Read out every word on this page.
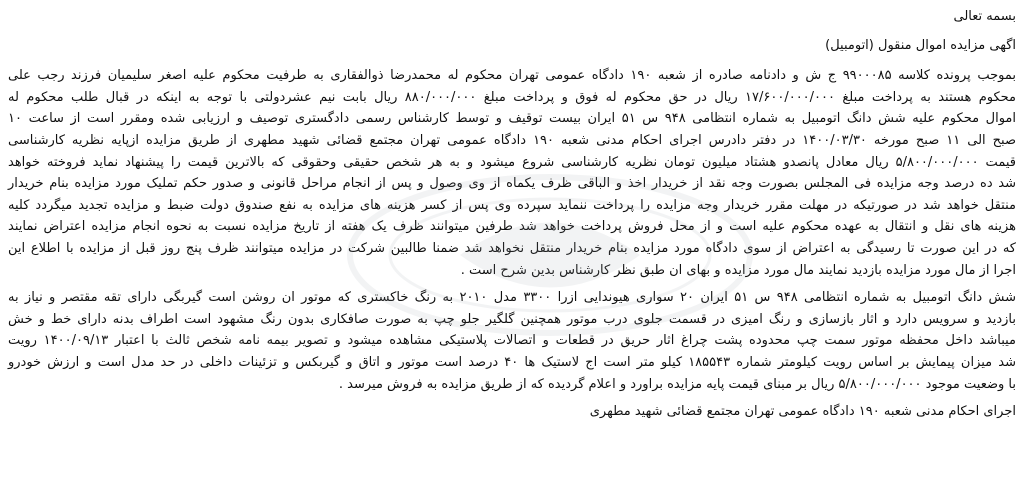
بسمه تعالی

اگهی مزایده اموال منقول (اتومبیل)

بموجب پرونده کلاسه ۹۹۰۰۰۸۵ ج ش و دادنامه صادره از شعبه ۱۹۰ دادگاه عمومی تهران محکوم له محمدرضا ذوالفقاری به طرفیت محکوم علیه اصغر سلیمیان فرزند رجب علی

محکوم هستند به پرداخت مبلغ ۱۷/۶۰۰/۰۰۰/۰۰۰ ریال در حق محکوم له فوق و پرداخت مبلغ ۸۸۰/۰۰۰/۰۰۰ ریال بابت نیم عشردولتی با توجه به اینکه در قبال طلب محکوم له

اموال محکوم علیه شش دانگ اتومبیل به شماره انتظامی ۹۴۸ س ۵۱ ایران بیست توقیف و توسط کارشناس رسمی دادگستری توصیف و ارزیابی شده ومقرر است از ساعت ۱۰

صبح الی ۱۱ صبح مورخه ۱۴۰۰/۰۳/۳۰ در دفتر دادرس اجرای احکام مدنی شعبه ۱۹۰ دادگاه عمومی تهران مجتمع قضائی شهید مطهری از طریق مزایده ازپایه نظریه کارشناسی

قیمت ۵/۸۰۰/۰۰۰/۰۰۰ ریال معادل پانصدو هشتاد میلیون تومان نظریه کارشناسی شروع میشود و به هر شخص حقیقی وحقوقی که بالاترین قیمت را پیشنهاد نماید فروخته خواهد

شد ده درصد وجه مزایده فی المجلس بصورت وجه نقد از خریدار اخذ و الباقی ظرف یکماه از وی وصول و پس از انجام مراحل قانونی و صدور حکم تملیک مورد مزایده بنام خریدار

منتقل خواهد شد در صورتیکه در مهلت مقرر خریدار وجه مزایده را پرداخت ننماید سپرده وی پس از کسر هزینه های مزایده به نفع صندوق دولت ضبط و مزایده تجدید میگردد کلیه

هزینه های نقل و انتقال به عهده محکوم علیه است و از محل فروش پرداخت خواهد شد طرفین میتوانند ظرف یک هفته از تاریخ مزایده نسبت به نحوه انجام مزایده اعتراض نمایند

که در این صورت تا رسیدگی به اعتراض از سوی دادگاه مورد مزایده بنام خریدار منتقل نخواهد شد ضمنا طالبین شرکت در مزایده میتوانند ظرف پنج روز قبل از مزایده با اطلاع این

اجرا از مال مورد مزایده بازدید نمایند مال مورد مزایده و بهای ان طبق نظر کارشناس بدین شرح است .

شش دانگ اتومبیل به شماره انتظامی ۹۴۸ س ۵۱ ایران ۲۰ سواری هیوندایی ازرا ۳۳۰۰ مدل ۲۰۱۰ به رنگ خاکستری که موتور ان روشن است گیربگی دارای تقه مقتصر و نیاز به

بازدید و سرویس دارد و اثار بازسازی و رنگ امیزی در قسمت جلوی درب موتور همچنین گلگیر جلو چپ به صورت صافکاری بدون رنگ مشهود است اطراف بدنه دارای خط و خش

میباشد داخل محفظه موتور سمت چپ محدوده پشت چراغ اثار حریق در قطعات و اتصالات پلاستیکی مشاهده میشود و تصویر بیمه نامه شخص ثالث با اعتبار ۱۴۰۰/۰۹/۱۳ رویت

شد میزان پیمایش بر اساس رویت کیلومتر شماره ۱۸۵۵۴۳ کیلو متر است اج لاستیک ها ۴۰ درصد است موتور و اتاق و گیربکس و تزئینات داخلی در حد مدل است و ارزش خودرو

با وضعیت موجود ۵/۸۰۰/۰۰۰/۰۰۰ ریال بر مبنای قیمت پایه مزایده براورد و اعلام گردیده که از طریق مزایده به فروش میرسد .

اجرای احکام مدنی شعبه ۱۹۰ دادگاه عمومی تهران مجتمع قضائی شهید مطهری
